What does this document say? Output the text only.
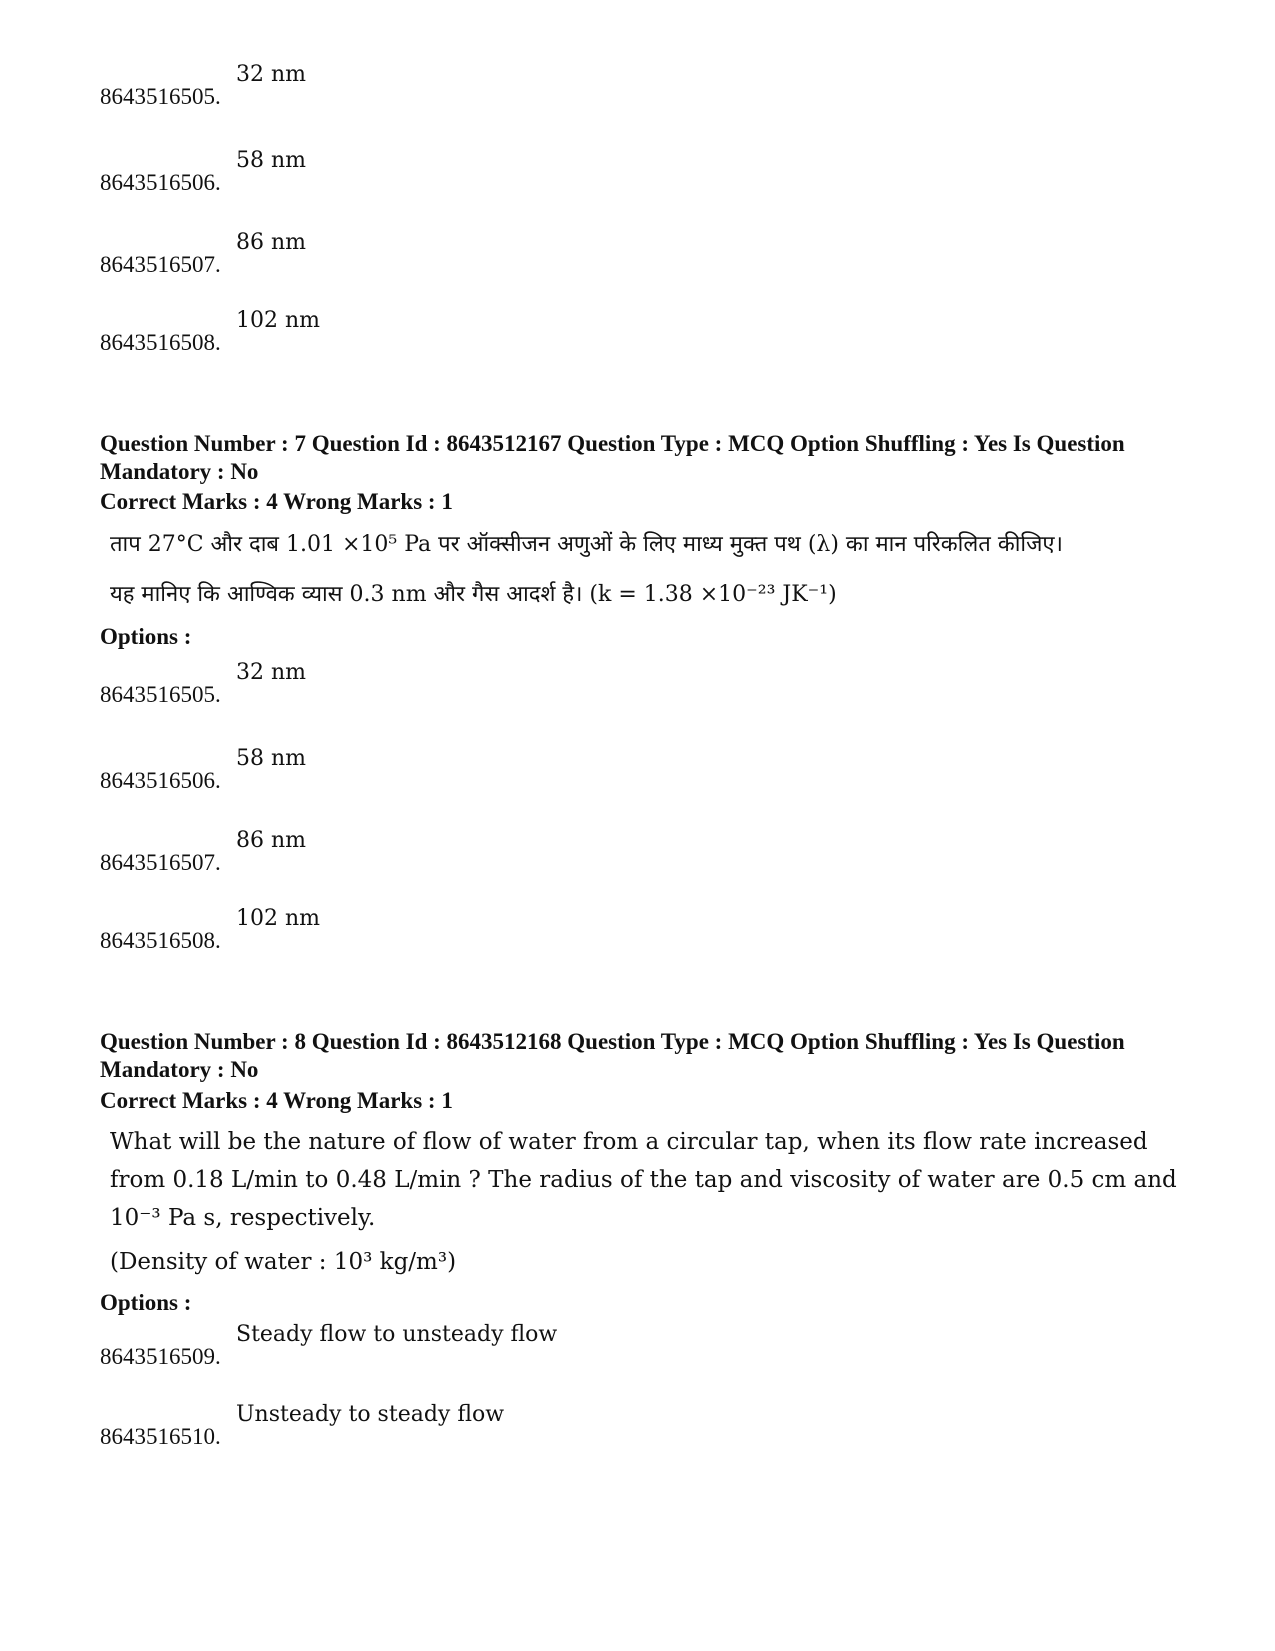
8643516505.
32 nm
8643516506.
58 nm
8643516507.
86 nm
8643516508.
102 nm
Question Number : 7 Question Id : 8643512167 Question Type : MCQ Option Shuffling : Yes Is Question Mandatory : No
Correct Marks : 4 Wrong Marks : 1
ताप 27°C और दाब 1.01 ×10⁵ Pa पर ऑक्सीजन अणुओं के लिए माध्य मुक्त पथ (λ) का मान परिकलित कीजिए।
यह मानिए कि आण्विक व्यास 0.3 nm और गैस आदर्श है। (k = 1.38 ×10⁻²³ JK⁻¹)
Options :
8643516505.
32 nm
8643516506.
58 nm
8643516507.
86 nm
8643516508.
102 nm
Question Number : 8 Question Id : 8643512168 Question Type : MCQ Option Shuffling : Yes Is Question Mandatory : No
Correct Marks : 4 Wrong Marks : 1
What will be the nature of flow of water from a circular tap, when its flow rate increased
from 0.18 L/min to 0.48 L/min ? The radius of the tap and viscosity of water are 0.5 cm and
10⁻³ Pa s, respectively.
(Density of water : 10³ kg/m³)
Options :
8643516509.
Steady flow to unsteady flow
8643516510.
Unsteady to steady flow
